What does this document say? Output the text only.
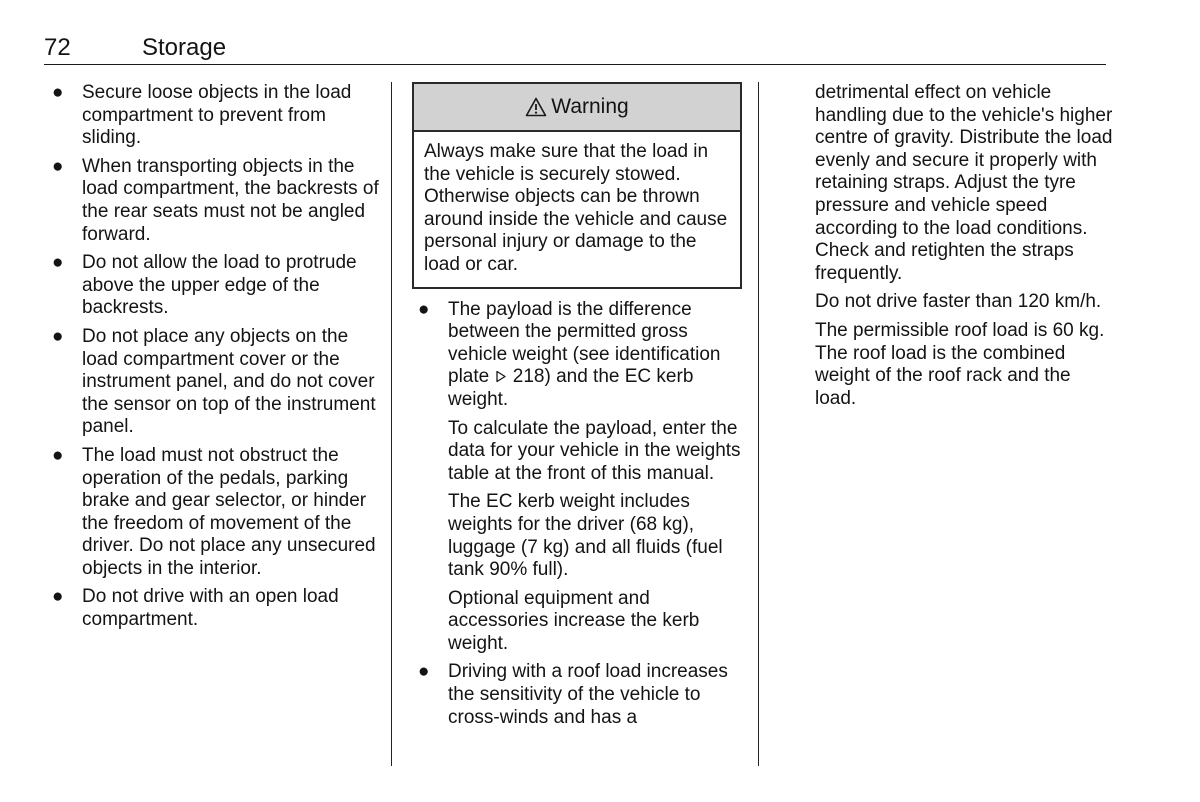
72	Storage
● Secure loose objects in the load compartment to prevent from sliding.
● When transporting objects in the load compartment, the backrests of the rear seats must not be angled forward.
● Do not allow the load to protrude above the upper edge of the backrests.
● Do not place any objects on the load compartment cover or the instrument panel, and do not cover the sensor on top of the instrument panel.
● The load must not obstruct the operation of the pedals, parking brake and gear selector, or hinder the freedom of movement of the driver. Do not place any unsecured objects in the interior.
● Do not drive with an open load compartment.
Warning
Always make sure that the load in the vehicle is securely stowed. Otherwise objects can be thrown around inside the vehicle and cause personal injury or damage to the load or car.
● The payload is the difference between the permitted gross vehicle weight (see identification plate 218) and the EC kerb weight.

To calculate the payload, enter the data for your vehicle in the weights table at the front of this manual.

The EC kerb weight includes weights for the driver (68 kg), luggage (7 kg) and all fluids (fuel tank 90% full).

Optional equipment and accessories increase the kerb weight.

● Driving with a roof load increases the sensitivity of the vehicle to cross-winds and has a

detrimental effect on vehicle handling due to the vehicle's higher centre of gravity. Distribute the load evenly and secure it properly with retaining straps. Adjust the tyre pressure and vehicle speed according to the load conditions. Check and retighten the straps frequently.

Do not drive faster than 120 km/h.

The permissible roof load is 60 kg. The roof load is the combined weight of the roof rack and the load.
